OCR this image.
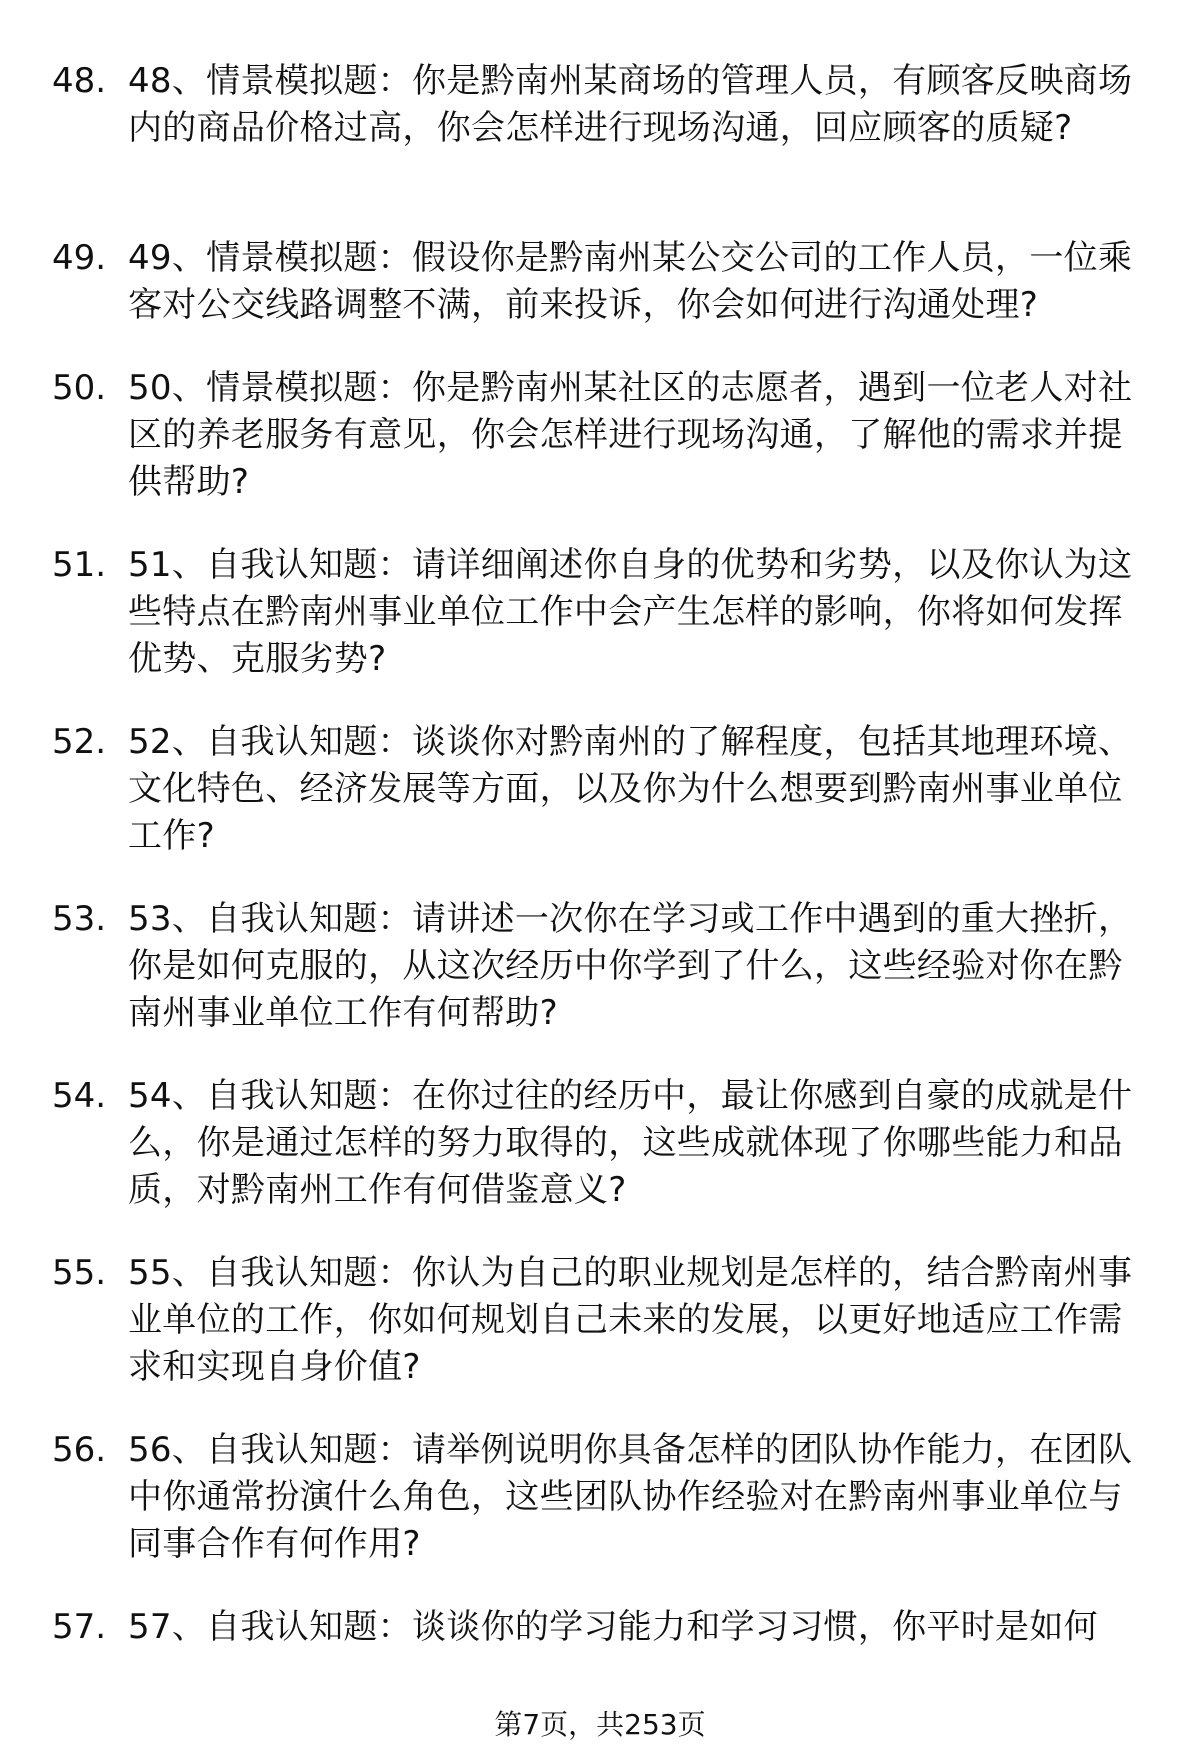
48. 48、情景模拟题：你是黔南州某商场的管理人员，有顾客反映商场内的商品价格过高，你会怎样进行现场沟通，回应顾客的质疑?
49. 49、情景模拟题：假设你是黔南州某公交公司的工作人员，一位乘客对公交线路调整不满，前来投诉，你会如何进行沟通处理?
50. 50、情景模拟题：你是黔南州某社区的志愿者，遇到一位老人对社区的养老服务有意见，你会怎样进行现场沟通，了解他的需求并提供帮助?
51. 51、自我认知题：请详细阐述你自身的优势和劣势，以及你认为这些特点在黔南州事业单位工作中会产生怎样的影响，你将如何发挥优势、克服劣势?
52. 52、自我认知题：谈谈你对黔南州的了解程度，包括其地理环境、文化特色、经济发展等方面，以及你为什么想要到黔南州事业单位工作?
53. 53、自我认知题：请讲述一次你在学习或工作中遇到的重大挫折，你是如何克服的，从这次经历中你学到了什么，这些经验对你在黔南州事业单位工作有何帮助?
54. 54、自我认知题：在你过往的经历中，最让你感到自豪的成就是什么，你是通过怎样的努力取得的，这些成就体现了你哪些能力和品质，对黔南州工作有何借鉴意义?
55. 55、自我认知题：你认为自己的职业规划是怎样的，结合黔南州事业单位的工作，你如何规划自己未来的发展，以更好地适应工作需求和实现自身价值?
56. 56、自我认知题：请举例说明你具备怎样的团队协作能力，在团队中你通常扮演什么角色，这些团队协作经验对在黔南州事业单位与同事合作有何作用?
57. 57、自我认知题：谈谈你的学习能力和学习习惯，你平时是如何
第7页，共253页
